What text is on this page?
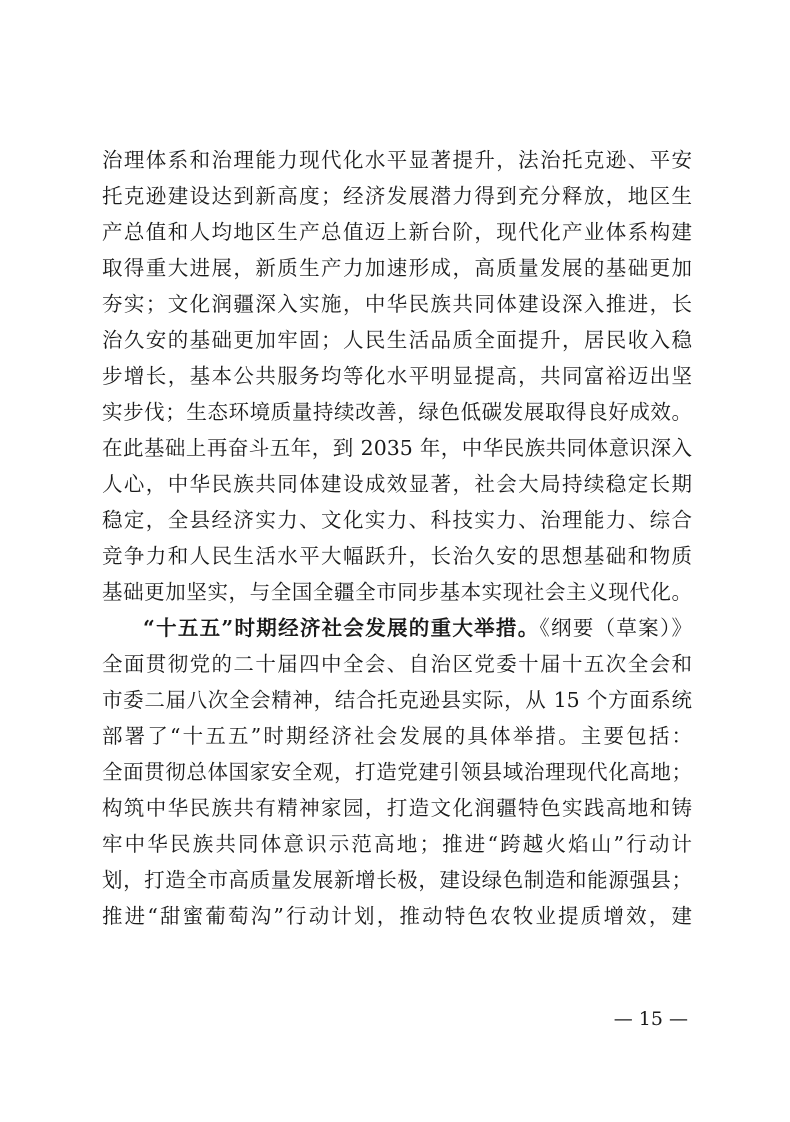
治理体系和治理能力现代化水平显著提升，法治托克逊、平安
托克逊建设达到新高度；经济发展潜力得到充分释放，地区生
产总值和人均地区生产总值迈上新台阶，现代化产业体系构建
取得重大进展，新质生产力加速形成，高质量发展的基础更加
夯实；文化润疆深入实施，中华民族共同体建设深入推进，长
治久安的基础更加牢固；人民生活品质全面提升，居民收入稳
步增长，基本公共服务均等化水平明显提高，共同富裕迈出坚
实步伐；生态环境质量持续改善，绿色低碳发展取得良好成效。
在此基础上再奋斗五年，到 2035 年，中华民族共同体意识深入
人心，中华民族共同体建设成效显著，社会大局持续稳定长期
稳定，全县经济实力、文化实力、科技实力、治理能力、综合
竞争力和人民生活水平大幅跃升，长治久安的思想基础和物质
基础更加坚实，与全国全疆全市同步基本实现社会主义现代化。
“十五五”时期经济社会发展的重大举措。《纲要（草案）》
全面贯彻党的二十届四中全会、自治区党委十届十五次全会和
市委二届八次全会精神，结合托克逊县实际，从 15 个方面系统
部署了“十五五”时期经济社会发展的具体举措。主要包括：
全面贯彻总体国家安全观，打造党建引领县域治理现代化高地；
构筑中华民族共有精神家园，打造文化润疆特色实践高地和铸
牢中华民族共同体意识示范高地；推进“跨越火焰山”行动计
划，打造全市高质量发展新增长极，建设绿色制造和能源强县；
推进“甜蜜葡萄沟”行动计划，推动特色农牧业提质增效，建
— 15 —
